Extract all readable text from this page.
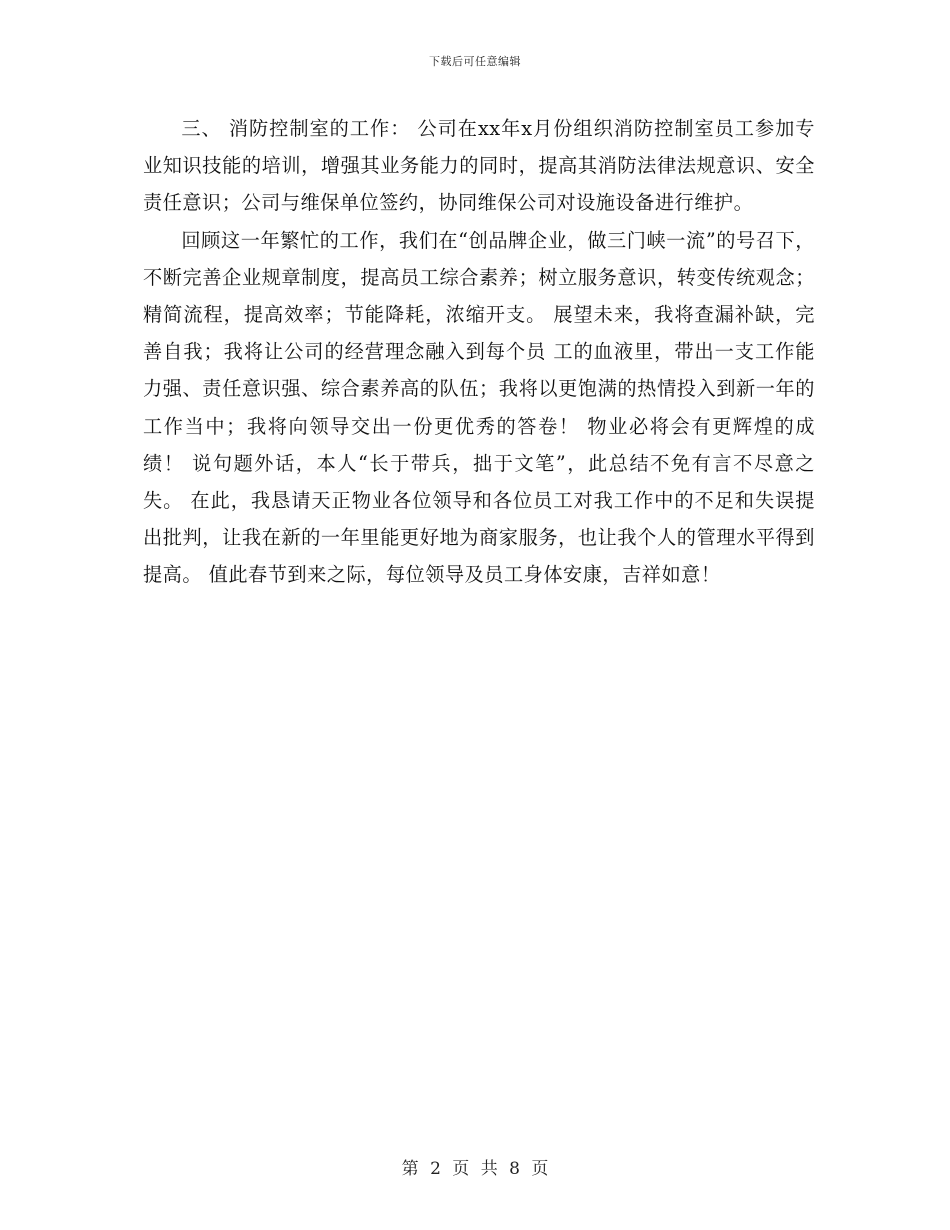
下载后可任意编辑

三、 消防控制室的工作： 公司在xx年x月份组织消防控制室员工参加专业知识技能的培训，增强其业务能力的同时，提高其消防法律法规意识、安全责任意识；公司与维保单位签约，协同维保公司对设施设备进行维护。

回顾这一年繁忙的工作，我们在“创品牌企业，做三门峡一流”的号召下，不断完善企业规章制度，提高员工综合素养；树立服务意识，转变传统观念；精简流程，提高效率；节能降耗，浓缩开支。 展望未来，我将查漏补缺，完善自我；我将让公司的经营理念融入到每个员 工的血液里，带出一支工作能力强、责任意识强、综合素养高的队伍；我将以更饱满的热情投入到新一年的工作当中；我将向领导交出一份更优秀的答卷！ 物业必将会有更辉煌的成绩！ 说句题外话，本人“长于带兵，拙于文笔”，此总结不免有言不尽意之失。 在此，我恳请天正物业各位领导和各位员工对我工作中的不足和失误提出批判，让我在新的一年里能更好地为商家服务，也让我个人的管理水平得到提高。 值此春节到来之际，每位领导及员工身体安康，吉祥如意！

第 2 页 共 8 页
